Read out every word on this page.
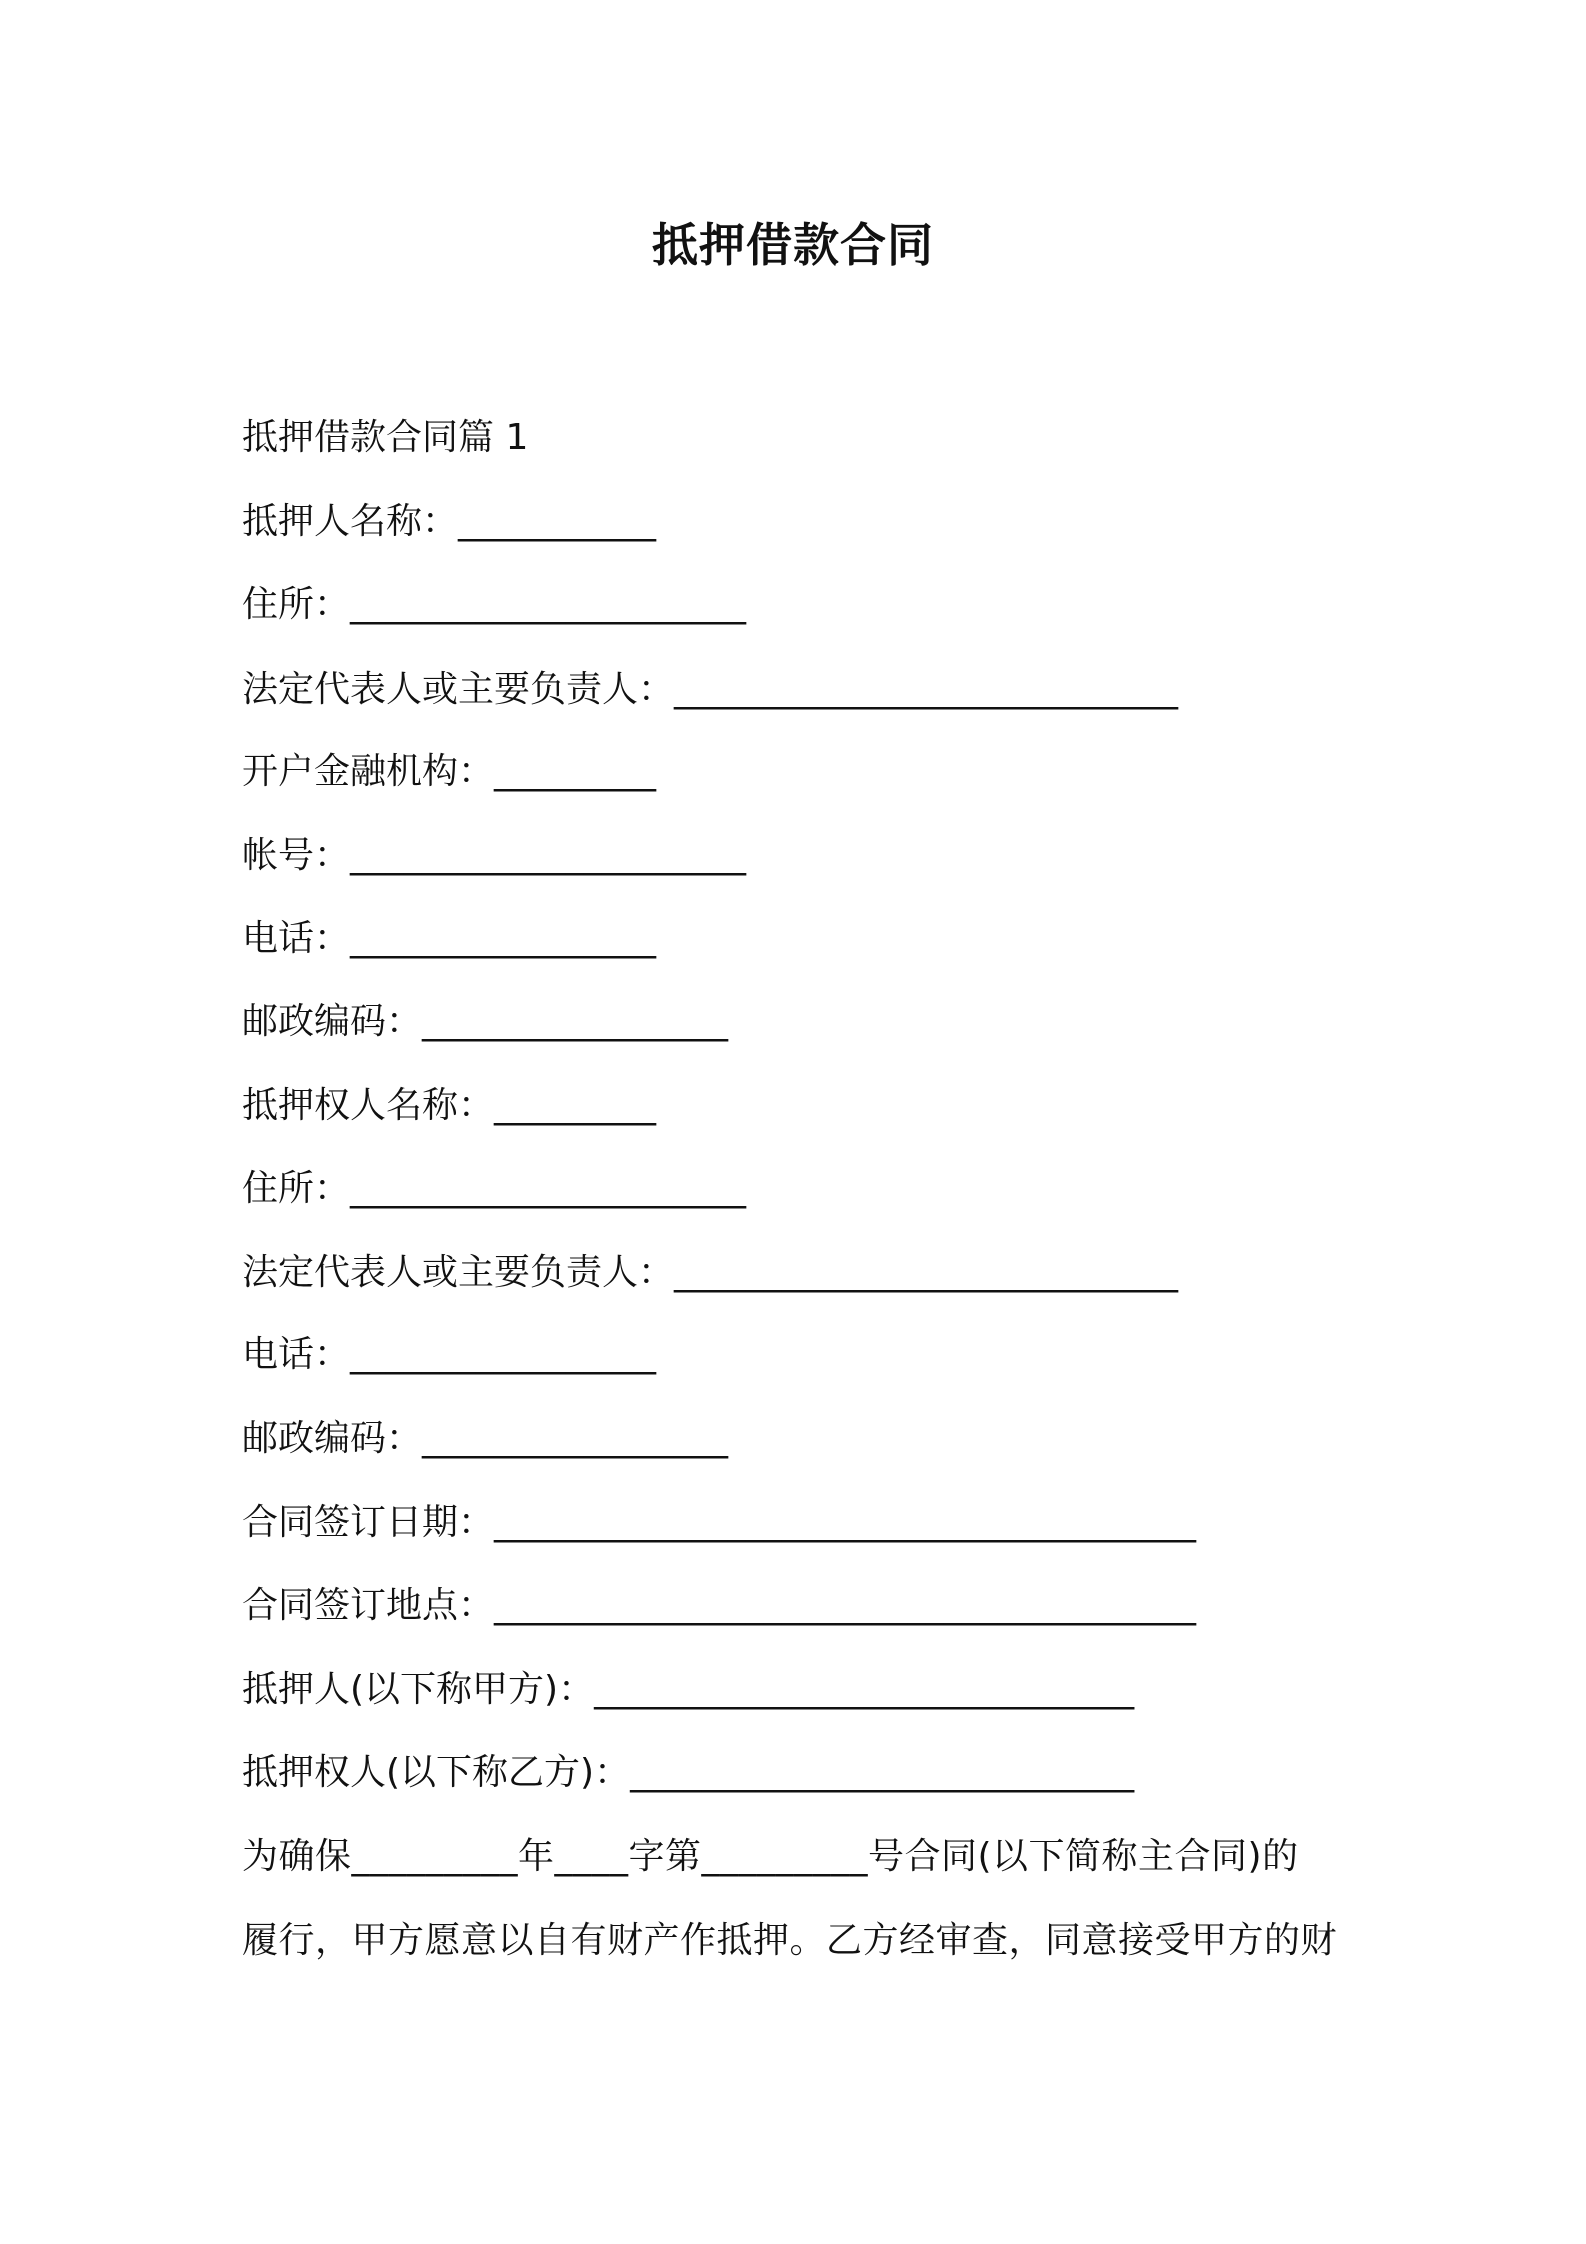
抵押借款合同
抵押借款合同篇 1
抵押人名称：___________
住所：______________________
法定代表人或主要负责人：____________________________
开户金融机构：_________
帐号：______________________
电话：_________________
邮政编码：_________________
抵押权人名称：_________
住所：______________________
法定代表人或主要负责人：____________________________
电话：_________________
邮政编码：_________________
合同签订日期：_______________________________________
合同签订地点：_______________________________________
抵押人(以下称甲方)：______________________________
抵押权人(以下称乙方)：____________________________
为确保_________年____字第_________号合同(以下简称主合同)的
履行，甲方愿意以自有财产作抵押。乙方经审查，同意接受甲方的财
